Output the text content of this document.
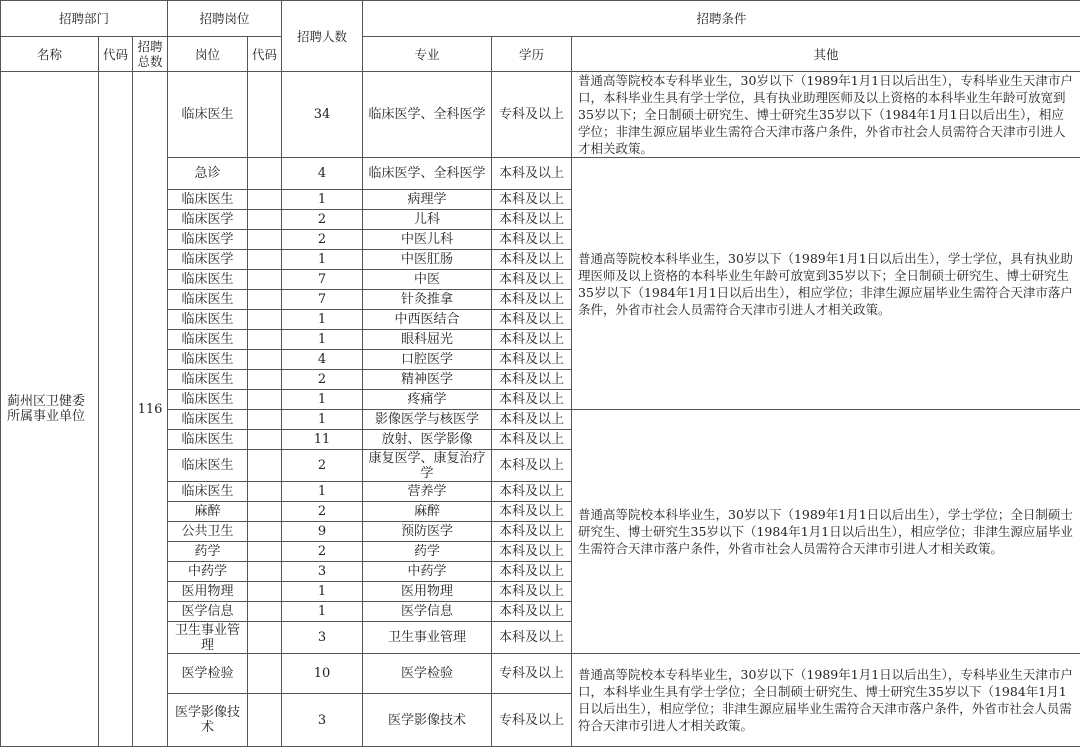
招聘部门			招聘岗位		招聘人数	招聘条件		
名称	代码	招聘总数	岗位	代码		专业	学历	其他
蓟州区卫健委所属事业单位		116	临床医生		34	临床医学、全科医学	专科及以上	普通高等院校本专科毕业生，30岁以下（1989年1月1日以后出生），专科毕业生天津市户口，本科毕业生具有学士学位，具有执业助理医师及以上资格的本科毕业生年龄可放宽到35岁以下；全日制硕士研究生、博士研究生35岁以下（1984年1月1日以后出生），相应学位；非津生源应届毕业生需符合天津市落户条件，外省市社会人员需符合天津市引进人才相关政策。
			急诊		4	临床医学、全科医学	本科及以上	普通高等院校本科毕业生，30岁以下（1989年1月1日以后出生），学士学位，具有执业助理医师及以上资格的本科毕业生年龄可放宽到35岁以下；全日制硕士研究生、博士研究生35岁以下（1984年1月1日以后出生），相应学位；非津生源应届毕业生需符合天津市落户条件，外省市社会人员需符合天津市引进人才相关政策。
			临床医生		1	病理学	本科及以上	
			临床医学		2	儿科	本科及以上	
			临床医学		2	中医儿科	本科及以上	
			临床医学		1	中医肛肠	本科及以上	
			临床医生		7	中医	本科及以上	
			临床医生		7	针灸推拿	本科及以上	
			临床医生		1	中西医结合	本科及以上	
			临床医生		1	眼科屈光	本科及以上	
			临床医生		4	口腔医学	本科及以上	
			临床医生		2	精神医学	本科及以上	
			临床医生		1	疼痛学	本科及以上	
			临床医生		1	影像医学与核医学	本科及以上	普通高等院校本科毕业生，30岁以下（1989年1月1日以后出生），学士学位；全日制硕士研究生、博士研究生35岁以下（1984年1月1日以后出生），相应学位；非津生源应届毕业生需符合天津市落户条件，外省市社会人员需符合天津市引进人才相关政策。
			临床医生		11	放射、医学影像	本科及以上	
			临床医生		2	康复医学、康复治疗学	本科及以上	
			临床医生		1	营养学	本科及以上	
			麻醉		2	麻醉	本科及以上	
			公共卫生		9	预防医学	本科及以上	
			药学		2	药学	本科及以上	
			中药学		3	中药学	本科及以上	
			医用物理		1	医用物理	本科及以上	
			医学信息		1	医学信息	本科及以上	
			卫生事业管理		3	卫生事业管理	本科及以上	
			医学检验		10	医学检验	专科及以上	普通高等院校本专科毕业生，30岁以下（1989年1月1日以后出生），专科毕业生天津市户口，本科毕业生具有学士学位；全日制硕士研究生、博士研究生35岁以下（1984年1月1日以后出生），相应学位；非津生源应届毕业生需符合天津市落户条件，外省市社会人员需符合天津市引进人才相关政策。
			医学影像技术		3	医学影像技术	专科及以上	
